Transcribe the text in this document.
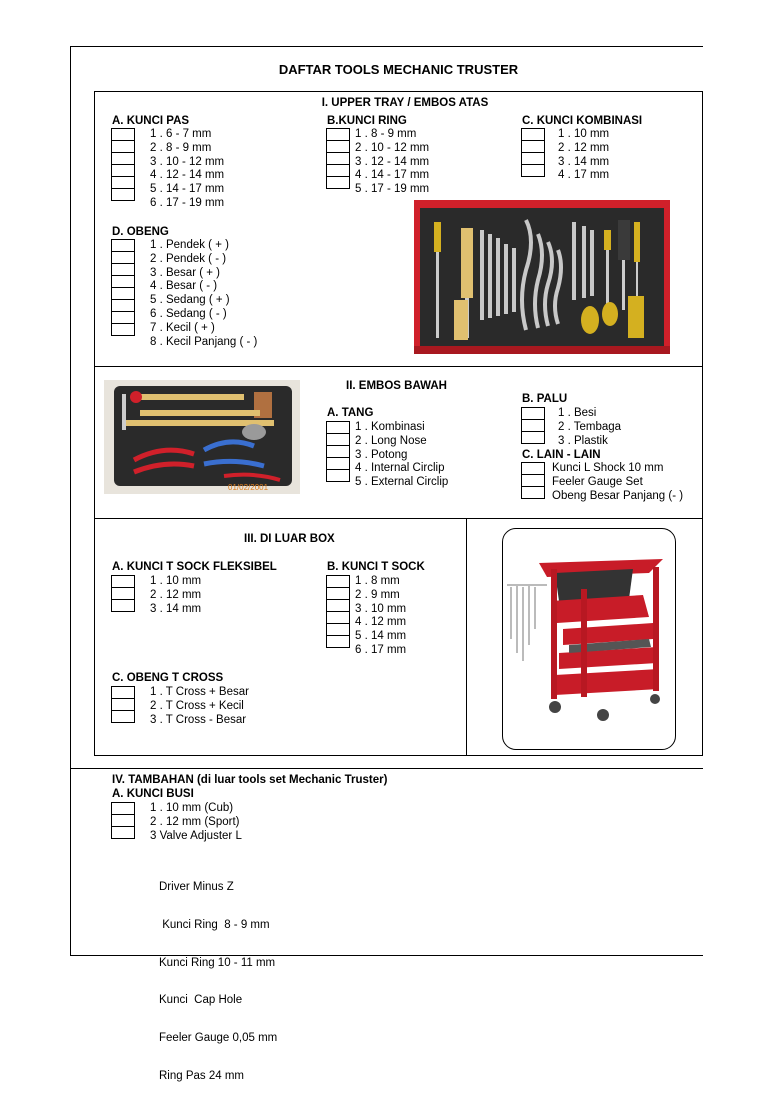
DAFTAR TOOLS MECHANIC TRUSTER
I. UPPER TRAY / EMBOS ATAS
A. KUNCI PAS
1 . 6 - 7 mm
2 . 8 - 9 mm
3 . 10 - 12 mm
4 . 12 - 14 mm
5 . 14 - 17 mm
6 . 17 - 19 mm
B.KUNCI RING
1 . 8 - 9 mm
2 . 10 - 12 mm
3 . 12 - 14 mm
4 . 14 - 17 mm
5 . 17 - 19 mm
C. KUNCI KOMBINASI
1 . 10 mm
2 . 12 mm
3 . 14 mm
4 . 17 mm
D. OBENG
1 . Pendek ( + )
2 . Pendek ( - )
3 . Besar ( + )
4 . Besar ( - )
5 . Sedang ( + )
6 . Sedang ( - )
7 . Kecil ( + )
8 . Kecil Panjang ( - )
II. EMBOS BAWAH
01/02/2001
A. TANG
1 . Kombinasi
2 . Long Nose
3 . Potong
4 . Internal Circlip
5 . External Circlip
B. PALU
1 . Besi
2 . Tembaga
3 . Plastik
C. LAIN - LAIN
Kunci L Shock 10 mm
Feeler Gauge Set
Obeng Besar Panjang (- )
III. DI LUAR BOX
A. KUNCI T SOCK FLEKSIBEL
1 . 10 mm
2 . 12 mm
3 . 14 mm
B. KUNCI T SOCK
1 . 8 mm
2 . 9 mm
3 . 10 mm
4 . 12 mm
5 . 14 mm
6 . 17 mm
C. OBENG T CROSS
1 . T Cross + Besar
2 . T Cross + Kecil
3 . T Cross - Besar
IV. TAMBAHAN (di luar tools set Mechanic Truster)
A. KUNCI BUSI
1 . 10 mm (Cub)
2 . 12 mm (Sport)
3 Valve Adjuster L

Driver Minus Z

Kunci Ring  8 - 9 mm

Kunci Ring 10 - 11 mm

Kunci  Cap Hole

Feeler Gauge 0,05 mm

Ring Pas 24 mm
